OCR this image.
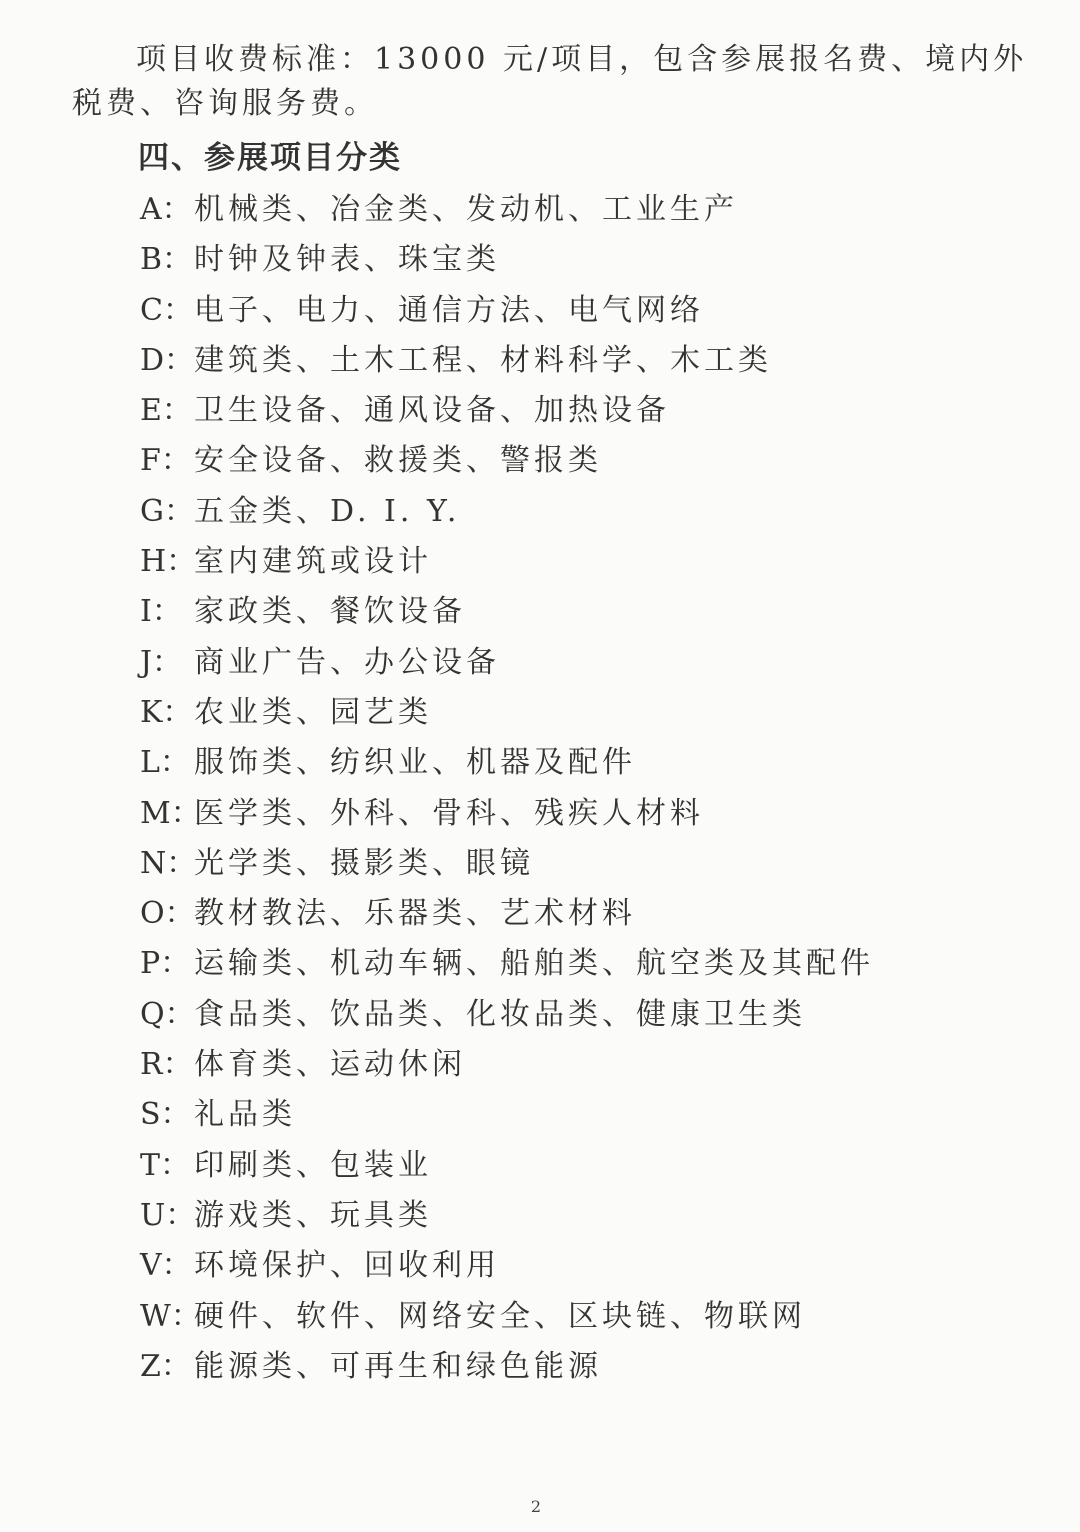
项目收费标准：13000 元/项目，包含参展报名费、境内外税费、咨询服务费。

四、参展项目分类
A：机械类、冶金类、发动机、工业生产
B：时钟及钟表、珠宝类
C：电子、电力、通信方法、电气网络
D：建筑类、土木工程、材料科学、木工类
E：卫生设备、通风设备、加热设备
F： 安全设备、救援类、警报类
G：五金类、D. I. Y.
H：室内建筑或设计
I： 家政类、餐饮设备
J： 商业广告、办公设备
K：农业类、园艺类
L： 服饰类、纺织业、机器及配件
M：医学类、外科、骨科、残疾人材料
N：光学类、摄影类、眼镜
O：教材教法、乐器类、艺术材料
P： 运输类、机动车辆、船舶类、航空类及其配件
Q：食品类、饮品类、化妆品类、健康卫生类
R：体育类、运动休闲
S： 礼品类
T： 印刷类、包装业
U：游戏类、玩具类
V：环境保护、回收利用
W：硬件、软件、网络安全、区块链、物联网
Z： 能源类、可再生和绿色能源
2
